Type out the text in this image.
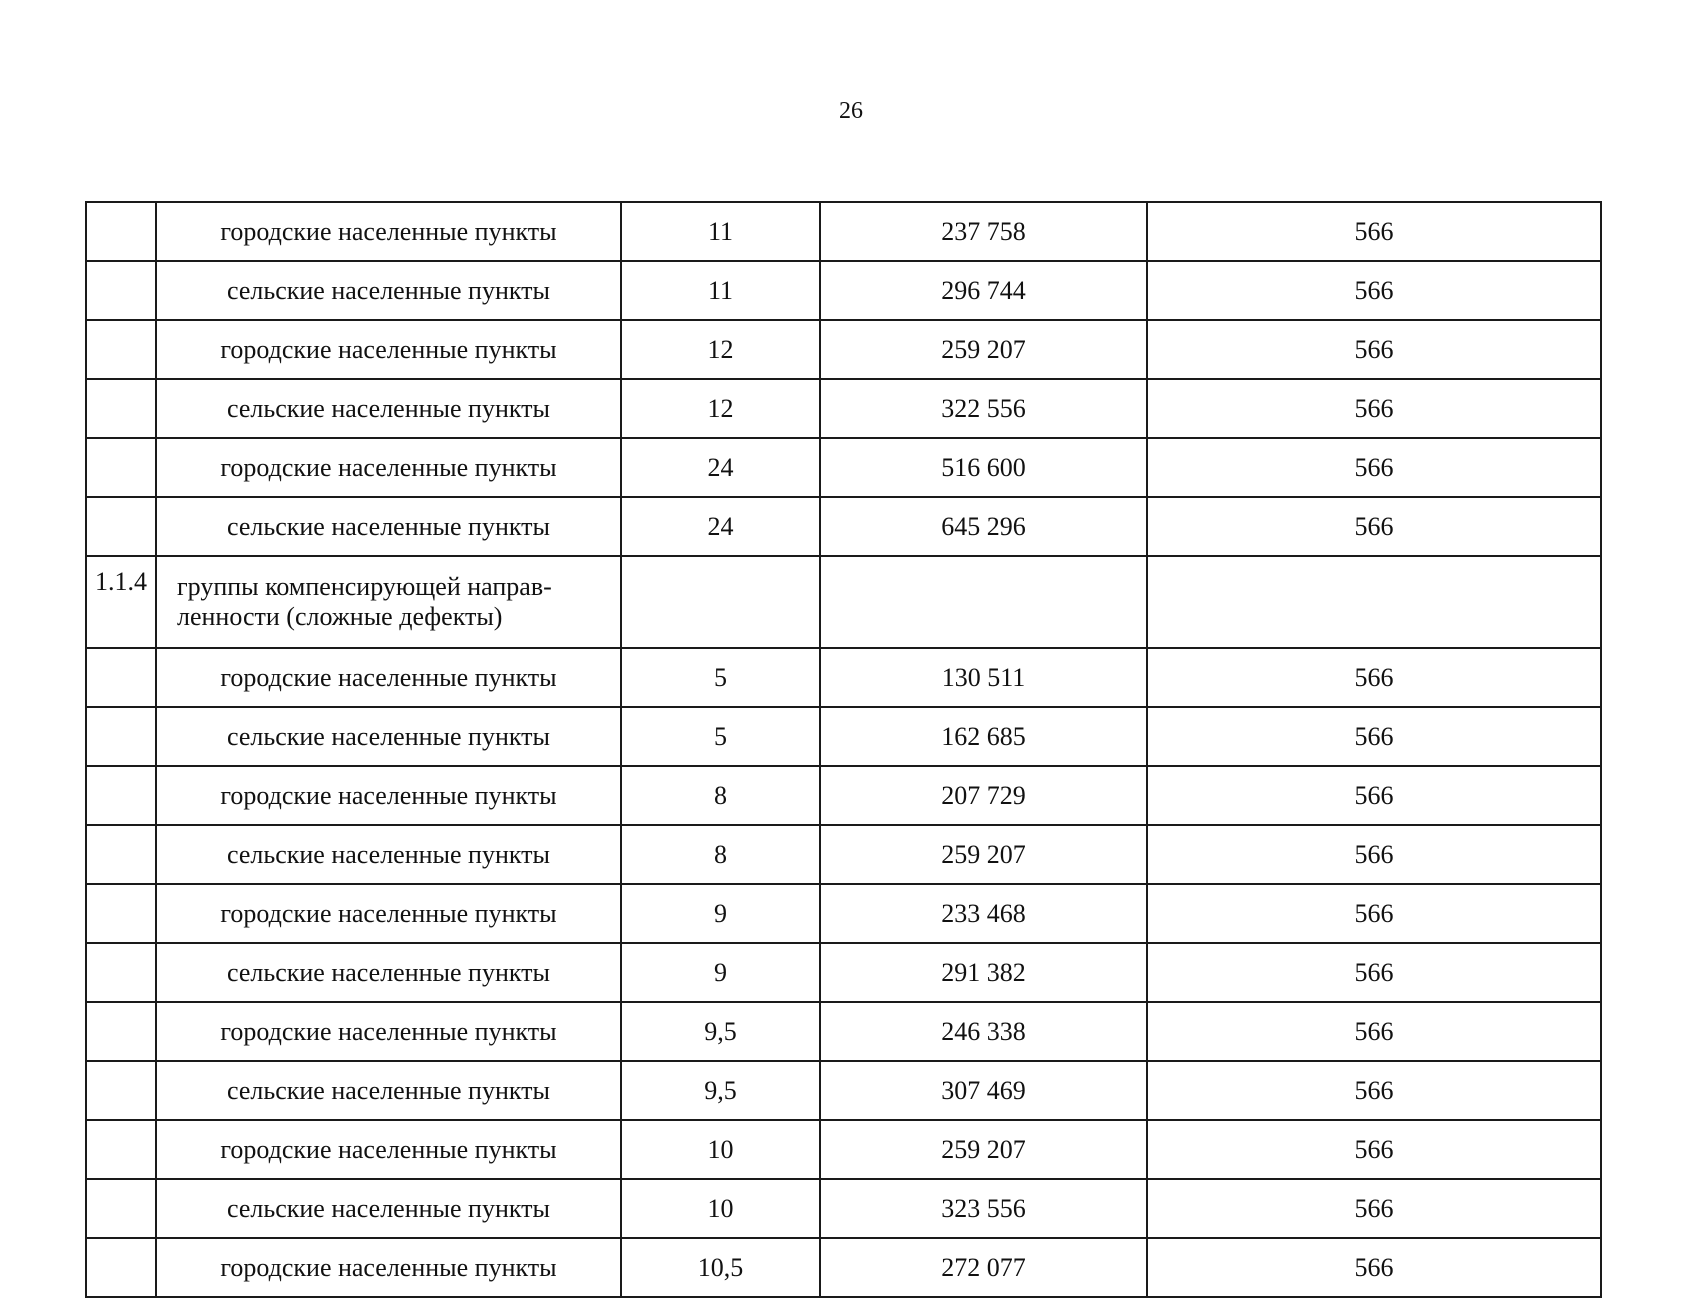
26
	городские населенные пункты	11	237 758	566
	сельские населенные пункты	11	296 744	566
	городские населенные пункты	12	259 207	566
	сельские населенные пункты	12	322 556	566
	городские населенные пункты	24	516 600	566
	сельские населенные пункты	24	645 296	566
1.1.4	группы компенсирующей направ-
ленности (сложные дефекты)			
	городские населенные пункты	5	130 511	566
	сельские населенные пункты	5	162 685	566
	городские населенные пункты	8	207 729	566
	сельские населенные пункты	8	259 207	566
	городские населенные пункты	9	233 468	566
	сельские населенные пункты	9	291 382	566
	городские населенные пункты	9,5	246 338	566
	сельские населенные пункты	9,5	307 469	566
	городские населенные пункты	10	259 207	566
	сельские населенные пункты	10	323 556	566
	городские населенные пункты	10,5	272 077	566
